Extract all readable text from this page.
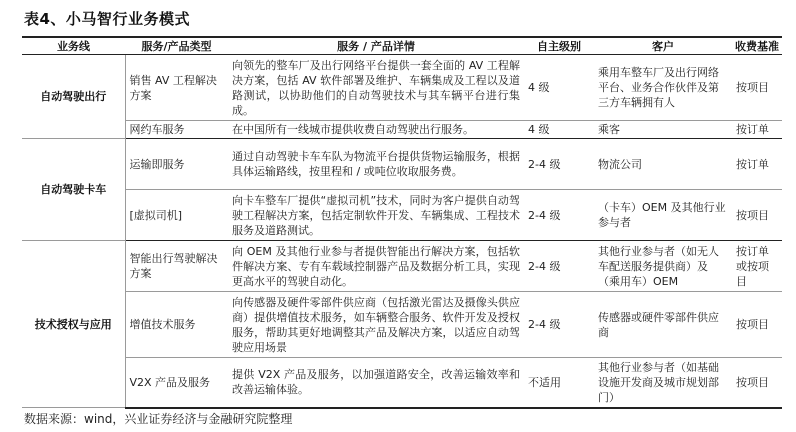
表4、小马智行业务模式
业务线	服务/产品类型	服务 / 产品详情	自主级别	客户	收费基准
自动驾驶出行	销售 AV 工程解决方案	向领先的整车厂及出行网络平台提供一套全面的 AV 工程解决方案，包括 AV 软件部署及维护、车辆集成及工程以及道路测试，以协助他们的自动驾驶技术与其车辆平台进行集成。	4 级	乘用车整车厂及出行网络平台、业务合作伙伴及第三方车辆拥有人	按项目
	网约车服务	在中国所有一线城市提供收费自动驾驶出行服务。	4 级	乘客	按订单
自动驾驶卡车	运输即服务	通过自动驾驶卡车车队为物流平台提供货物运输服务，根据具体运输路线，按里程和 / 或吨位收取服务费。	2-4 级	物流公司	按订单
	[虚拟司机]	向卡车整车厂提供“虚拟司机”技术，同时为客户提供自动驾驶工程解决方案，包括定制软件开发、车辆集成、工程技术服务及道路测试。	2-4 级	（卡车）OEM 及其他行业参与者	按项目
技术授权与应用	智能出行驾驶解决方案	向 OEM 及其他行业参与者提供智能出行解决方案，包括软件解决方案、专有车载域控制器产品及数据分析工具，实现更高水平的驾驶自动化。	2-4 级	其他行业参与者（如无人车配送服务提供商）及（乘用车）OEM	按订单或按项目
	增值技术服务	向传感器及硬件零部件供应商（包括激光雷达及摄像头供应商）提供增值技术服务，如车辆整合服务、软件开发及授权服务，帮助其更好地调整其产品及解决方案，以适应自动驾驶应用场景	2-4 级	传感器或硬件零部件供应商	按项目
	V2X 产品及服务	提供 V2X 产品及服务，以加强道路安全，改善运输效率和改善运输体验。	不适用	其他行业参与者（如基础设施开发商及城市规划部门）	按项目
数据来源：wind，兴业证券经济与金融研究院整理
